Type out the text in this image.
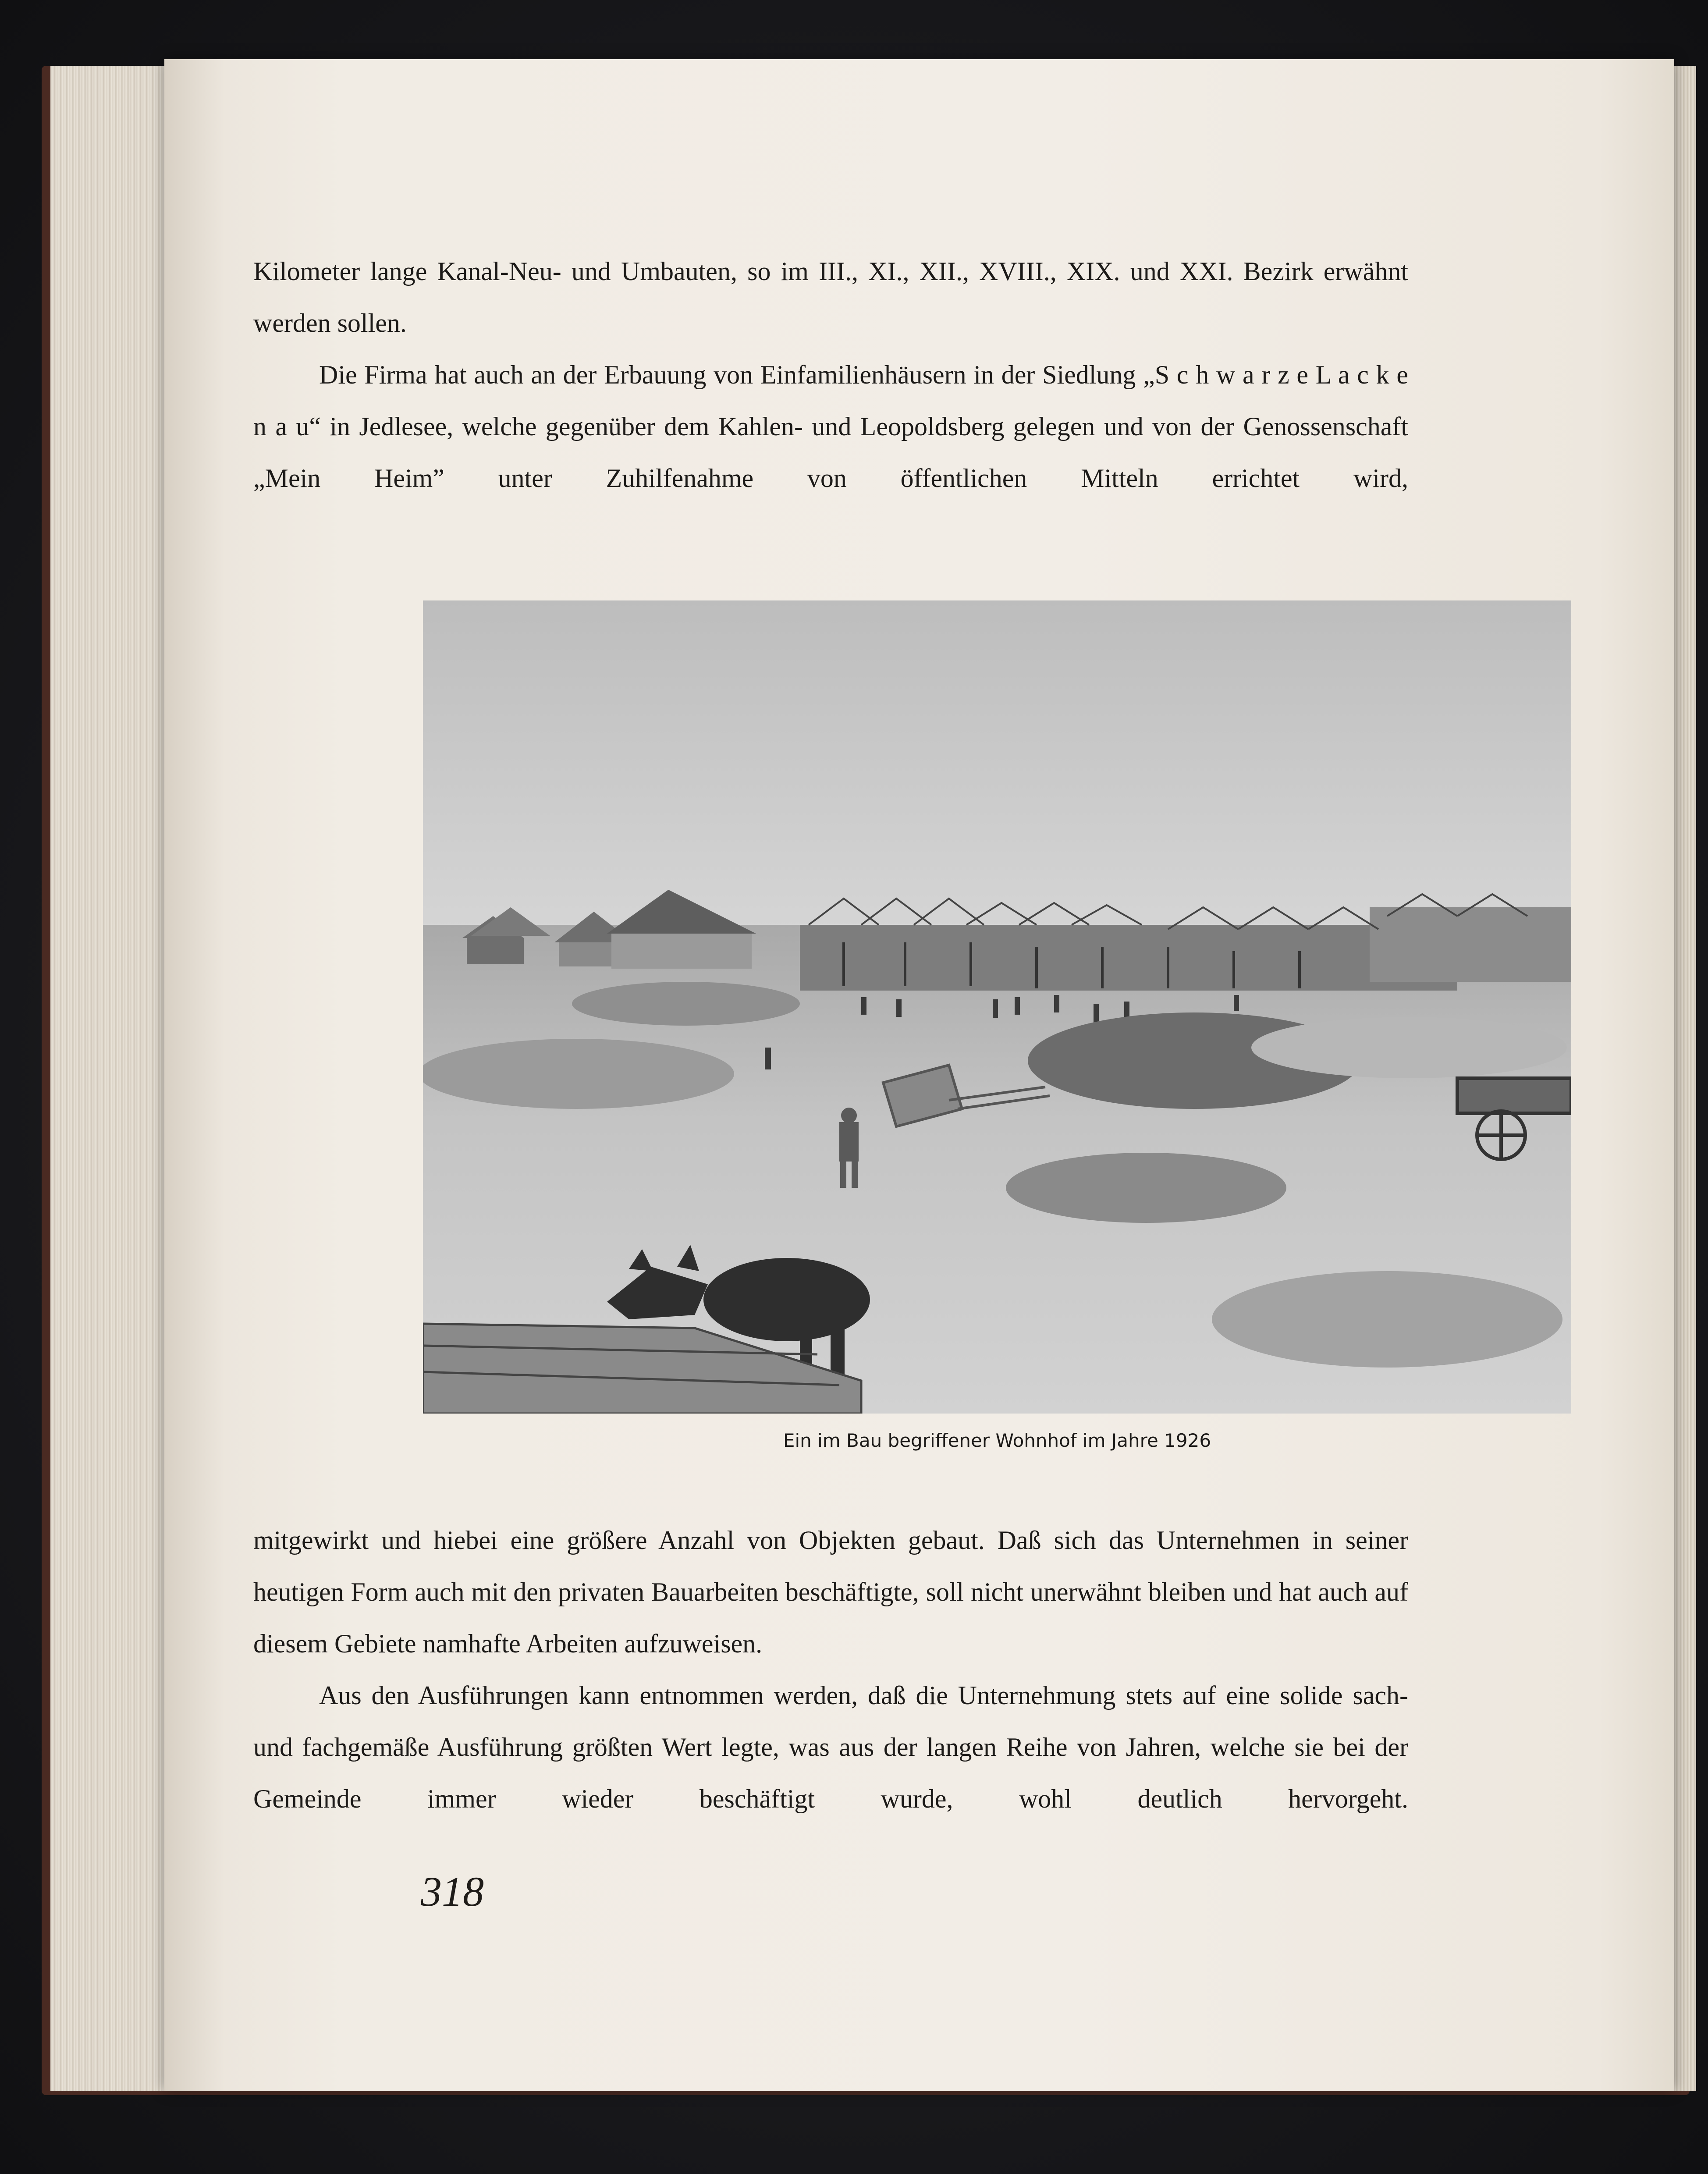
Kilometer lange Kanal-Neu- und Umbauten, so im III., XI., XII., XVIII., XIX. und XXI. Bezirk erwähnt werden sollen.

Die Firma hat auch an der Erbauung von Einfamilienhäusern in der Siedlung „S c h w a r z e L a c k e n a u“ in Jedlesee, welche gegenüber dem Kahlen- und Leopoldsberg gelegen und von der Genossenschaft „Mein Heim” unter Zuhilfenahme von öffentlichen Mitteln errichtet wird,

Ein im Bau begriffener Wohnhof im Jahre 1926

mitgewirkt und hiebei eine größere Anzahl von Objekten gebaut. Daß sich das Unternehmen in seiner heutigen Form auch mit den privaten Bauarbeiten beschäftigte, soll nicht unerwähnt bleiben und hat auch auf diesem Gebiete namhafte Arbeiten aufzuweisen.

Aus den Ausführungen kann entnommen werden, daß die Unternehmung stets auf eine solide sach- und fachgemäße Ausführung größten Wert legte, was aus der langen Reihe von Jahren, welche sie bei der Gemeinde immer wieder beschäftigt wurde, wohl deutlich hervorgeht.

318
